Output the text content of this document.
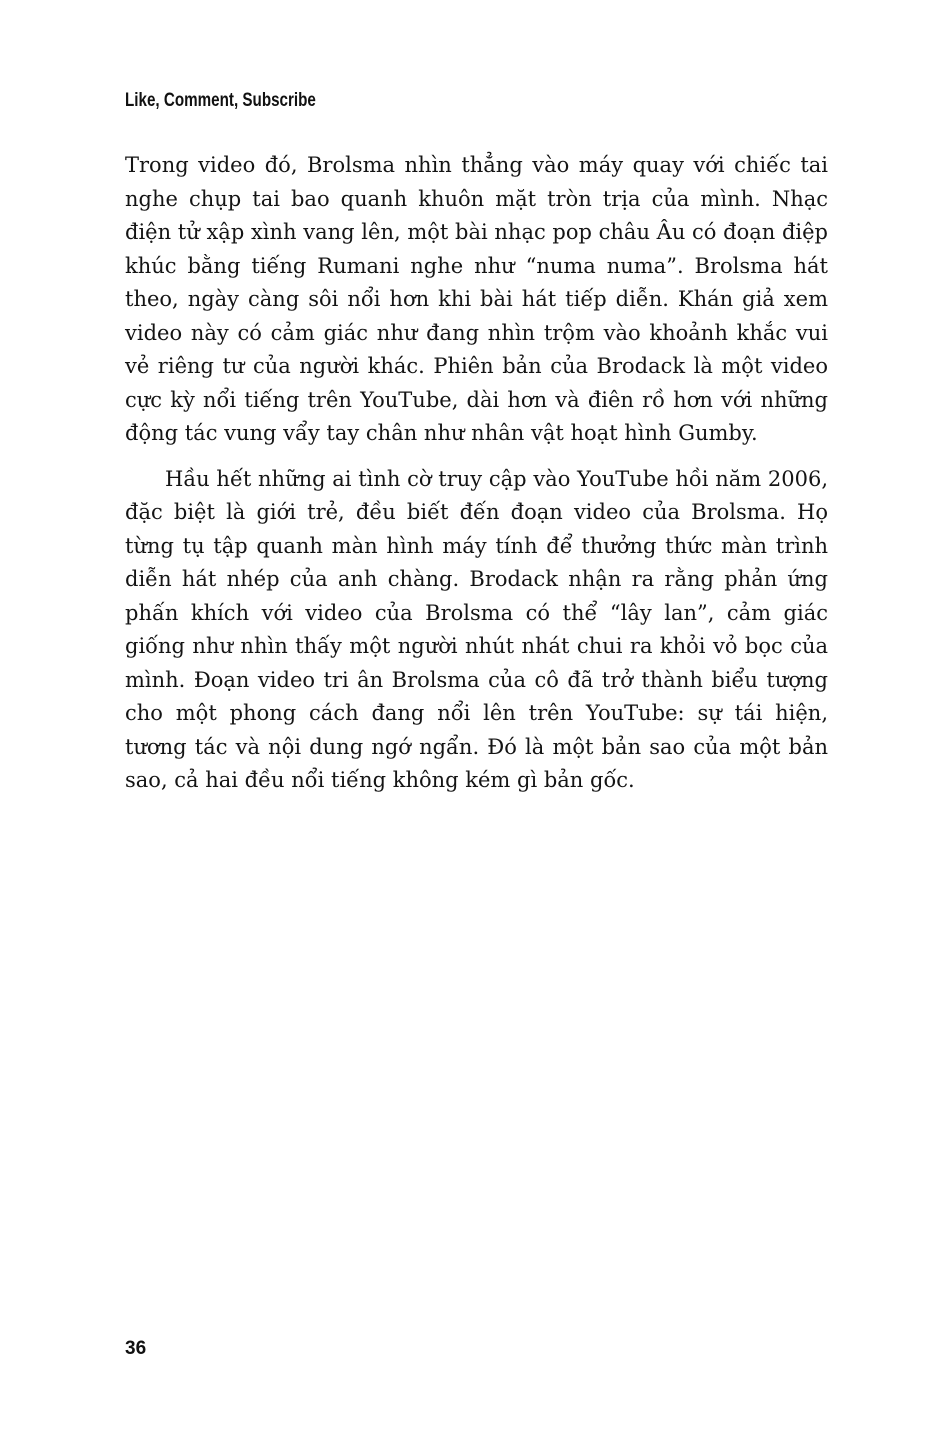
Like, Comment, Subscribe

Trong video đó, Brolsma nhìn thẳng vào máy quay với chiếc tai nghe chụp tai bao quanh khuôn mặt tròn trịa của mình. Nhạc điện tử xập xình vang lên, một bài nhạc pop châu Âu có đoạn điệp khúc bằng tiếng Rumani nghe như “numa numa”. Brolsma hát theo, ngày càng sôi nổi hơn khi bài hát tiếp diễn. Khán giả xem video này có cảm giác như đang nhìn trộm vào khoảnh khắc vui vẻ riêng tư của người khác. Phiên bản của Brodack là một video cực kỳ nổi tiếng trên YouTube, dài hơn và điên rồ hơn với những động tác vung vẩy tay chân như nhân vật hoạt hình Gumby.

Hầu hết những ai tình cờ truy cập vào YouTube hồi năm 2006, đặc biệt là giới trẻ, đều biết đến đoạn video của Brolsma. Họ từng tụ tập quanh màn hình máy tính để thưởng thức màn trình diễn hát nhép của anh chàng. Brodack nhận ra rằng phản ứng phấn khích với video của Brolsma có thể “lây lan”, cảm giác giống như nhìn thấy một người nhút nhát chui ra khỏi vỏ bọc của mình. Đoạn video tri ân Brolsma của cô đã trở thành biểu tượng cho một phong cách đang nổi lên trên YouTube: sự tái hiện, tương tác và nội dung ngớ ngẩn. Đó là một bản sao của một bản sao, cả hai đều nổi tiếng không kém gì bản gốc.

36
